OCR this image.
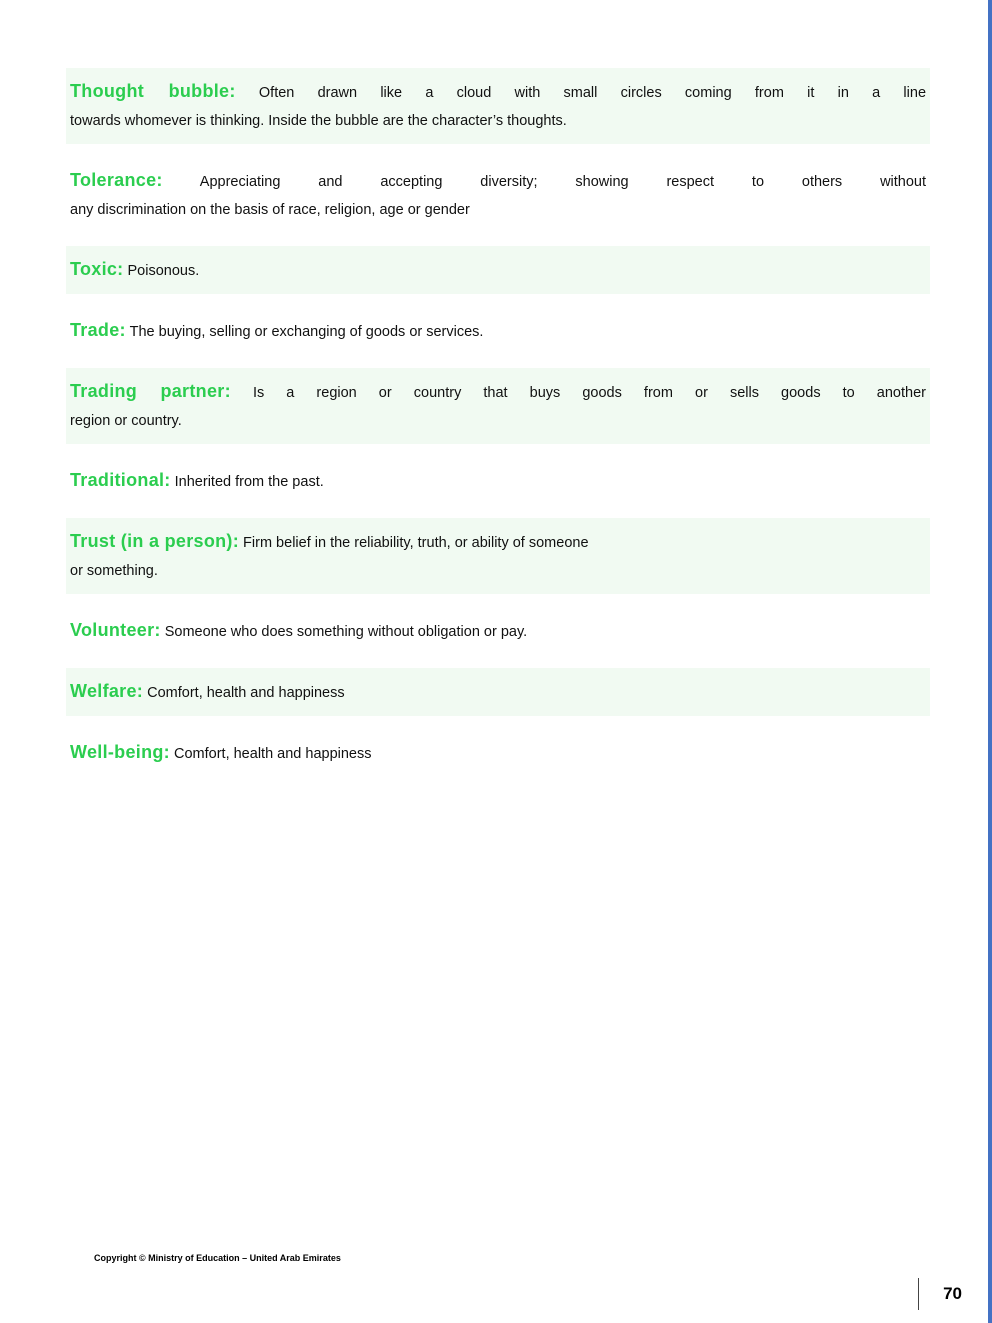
Thought bubble: Often drawn like a cloud with small circles coming from it in a line
towards whomever is thinking. Inside the bubble are the character’s thoughts.
Tolerance:	Appreciating and accepting diversity; showing respect to others without
any discrimination on the basis of race, religion, age or gender
Toxic: Poisonous.
Trade: The buying, selling or exchanging of goods or services.
Trading partner: Is a region or country that buys goods from or sells goods to another
region or country.
Traditional: Inherited from the past.
Trust (in a person): Firm belief in the reliability, truth, or ability of someone
or something.
Volunteer: Someone who does something without obligation or pay.
Welfare: Comfort, health and happiness
Well-being: Comfort, health and happiness
Copyright © Ministry of Education – United Arab Emirates
70
